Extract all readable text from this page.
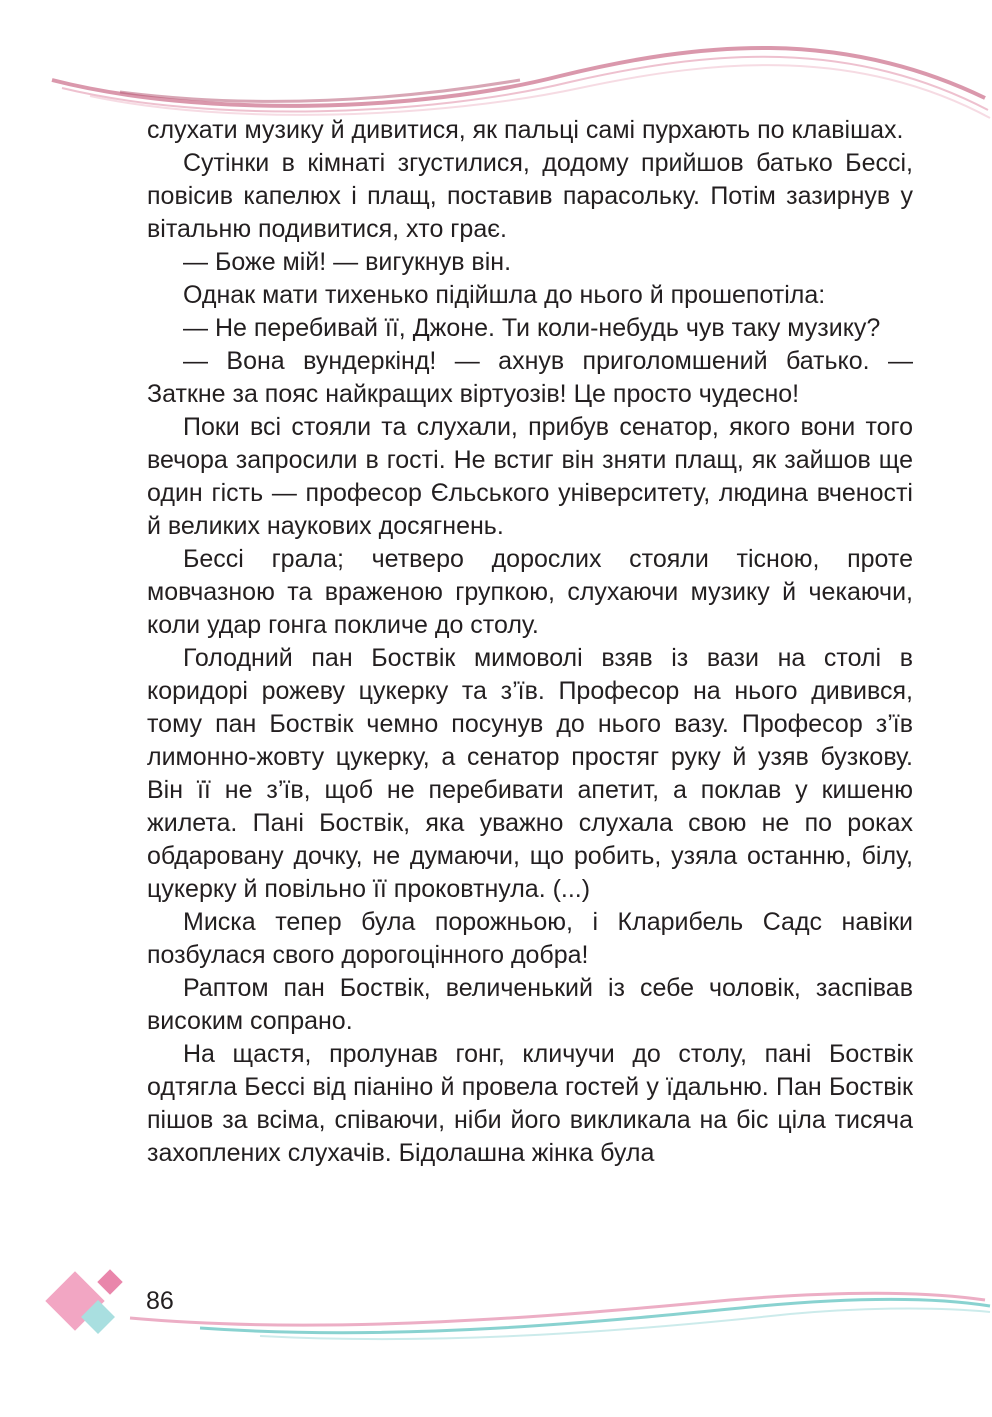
слухати музику й дивитися, як пальці самі пурхають по клавішах.

Сутінки в кімнаті згустилися, додому прийшов батько Бессі, повісив капелюх і плащ, поставив парасольку. Потім зазирнув у вітальню подивитися, хто грає.

— Боже мій! — вигукнув він.

Однак мати тихенько підійшла до нього й прошепотіла:

— Не перебивай її, Джоне. Ти коли-небудь чув таку музику?

— Вона вундеркінд! — ахнув приголомшений батько. — Заткне за пояс найкращих віртуозів! Це просто чудесно!

Поки всі стояли та слухали, прибув сенатор, якого вони того вечора запросили в гості. Не встиг він зняти плащ, як зайшов ще один гість — професор Єльського університету, людина вченості й великих наукових досягнень.

Бессі грала; четверо дорослих стояли тісною, проте мовчазною та враженою групкою, слухаючи музику й чекаючи, коли удар гонга покличе до столу.

Голодний пан Боствік мимоволі взяв із вази на столі в коридорі рожеву цукерку та з’їв. Професор на нього дивився, тому пан Боствік чемно посунув до нього вазу. Професор з’їв лимонно-жовту цукерку, а сенатор простяг руку й узяв бузкову. Він її не з’їв, щоб не перебивати апетит, а поклав у кишеню жилета. Пані Боствік, яка уважно слухала свою не по роках обдаровану дочку, не думаючи, що робить, узяла останню, білу, цукерку й повільно її проковтнула. (...)

Миска тепер була порожньою, і Кларибель Садс навіки позбулася свого дорогоцінного добра!

Раптом пан Боствік, величенький із себе чоловік, заспівав високим сопрано.

На щастя, пролунав гонг, кличучи до столу, пані Боствік одтягла Бессі від піаніно й провела гостей у їдальню. Пан Боствік пішов за всіма, співаючи, ніби його викликала на біс ціла тисяча захоплених слухачів. Бідолашна жінка була

86
